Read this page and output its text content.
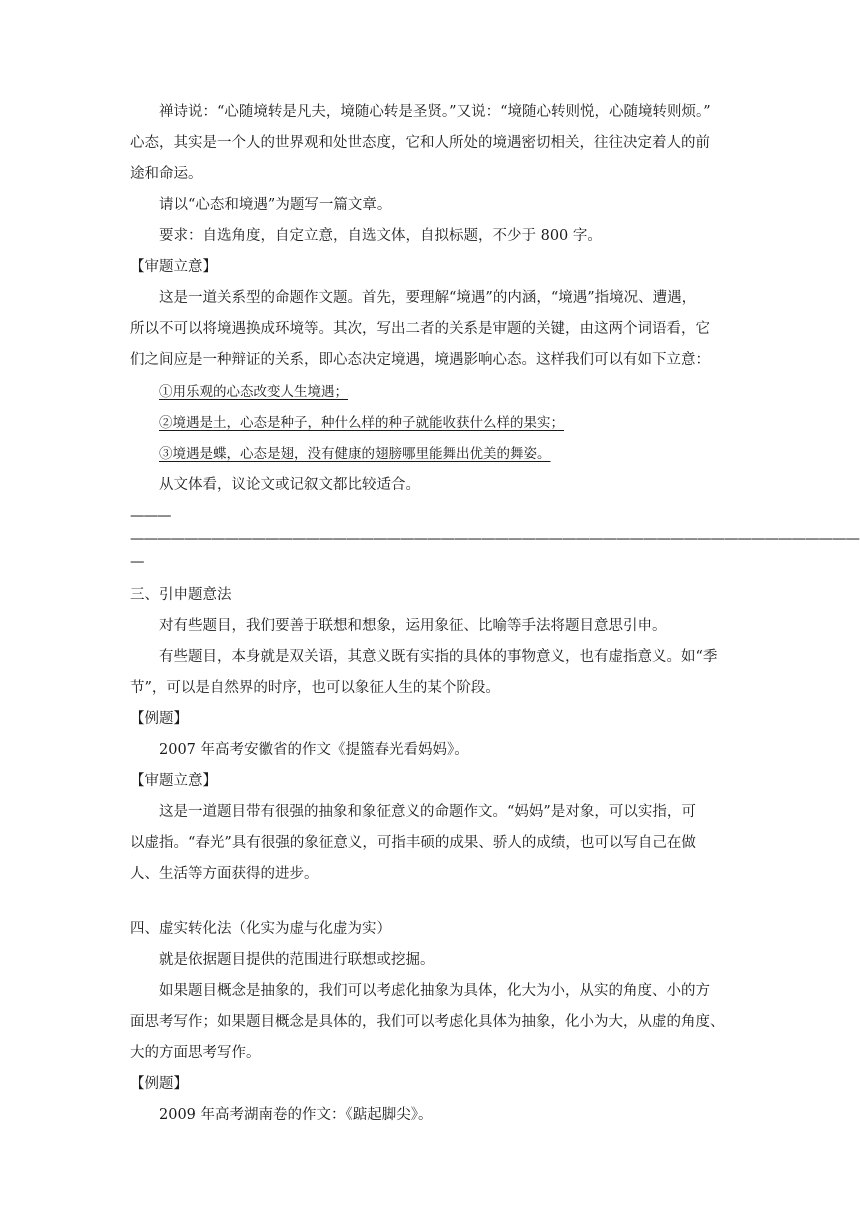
禅诗说：“心随境转是凡夫，境随心转是圣贤。”又说：“境随心转则悦，心随境转则烦。”
心态，其实是一个人的世界观和处世态度，它和人所处的境遇密切相关，往往决定着人的前
途和命运。
请以“心态和境遇”为题写一篇文章。
要求：自选角度，自定立意，自选文体，自拟标题，不少于 800 字。
【审题立意】
这是一道关系型的命题作文题。首先，要理解“境遇”的内涵，“境遇”指境况、遭遇，
所以不可以将境遇换成环境等。其次，写出二者的关系是审题的关键，由这两个词语看，它
们之间应是一种辩证的关系，即心态决定境遇，境遇影响心态。这样我们可以有如下立意：
①用乐观的心态改变人生境遇；
②境遇是土，心态是种子，种什么样的种子就能收获什么样的果实；
③境遇是蝶，心态是翅，没有健康的翅膀哪里能舞出优美的舞姿。
从文体看，议论文或记叙文都比较适合。
———
——————————————————————————————————————————————————————
—
三、引申题意法
对有些题目，我们要善于联想和想象，运用象征、比喻等手法将题目意思引申。
有些题目，本身就是双关语，其意义既有实指的具体的事物意义，也有虚指意义。如“季
节”，可以是自然界的时序，也可以象征人生的某个阶段。
【例题】
2007 年高考安徽省的作文《提篮春光看妈妈》。
【审题立意】
这是一道题目带有很强的抽象和象征意义的命题作文。“妈妈”是对象，可以实指，可
以虚指。“春光”具有很强的象征意义，可指丰硕的成果、骄人的成绩，也可以写自己在做
人、生活等方面获得的进步。
四、虚实转化法（化实为虚与化虚为实）
就是依据题目提供的范围进行联想或挖掘。
如果题目概念是抽象的，我们可以考虑化抽象为具体，化大为小，从实的角度、小的方
面思考写作；如果题目概念是具体的，我们可以考虑化具体为抽象，化小为大，从虚的角度、
大的方面思考写作。
【例题】
2009 年高考湖南卷的作文：《踮起脚尖》。
